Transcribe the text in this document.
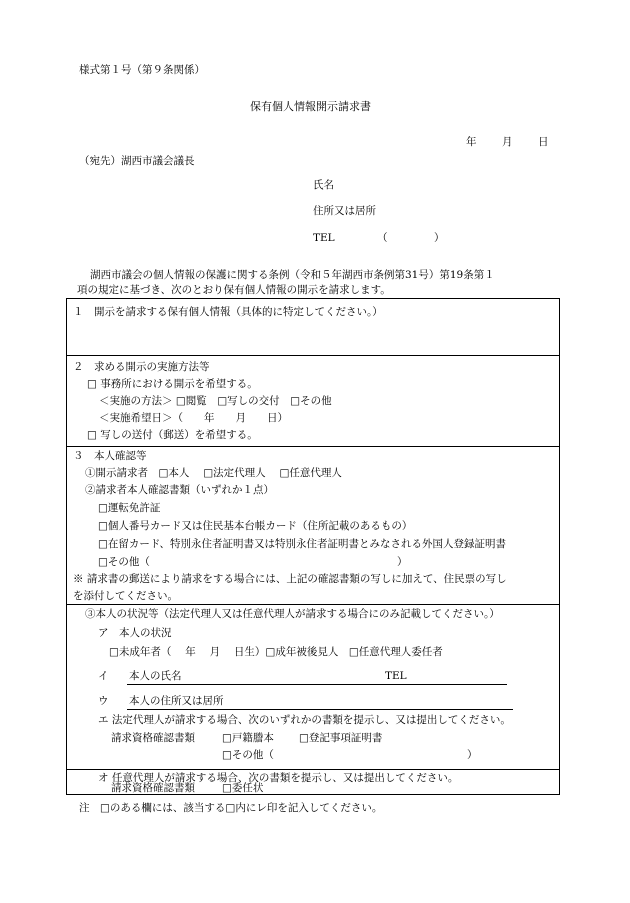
様式第１号（第９条関係）
保有個人情報開示請求書
年 月 日
（宛先）湖西市議会議長
氏名
住所又は居所
TEL	（	）
湖西市議会の個人情報の保護に関する条例（令和５年湖西市条例第31号）第19条第１
項の規定に基づき、次のとおり保有個人情報の開示を請求します。
１　開示を請求する保有個人情報（具体的に特定してください。）
２　求める開示の実施方法等
□ 事務所における開示を希望する。
＜実施の方法＞ □閲覧　□写しの交付　□その他
＜実施希望日＞（　　年　　月　　日）
□ 写しの送付（郵送）を希望する。
３　本人確認等
①開示請求者　□本人　 □法定代理人　 □任意代理人
②請求者本人確認書類（いずれか１点）
□運転免許証
□個人番号カード又は住民基本台帳カード（住所記載のあるもの）
□在留カード、特別永住者証明書又は特別永住者証明書とみなされる外国人登録証明書
□その他（	）
※ 請求書の郵送により請求をする場合には、上記の確認書類の写しに加えて、住民票の写し
を添付してください。
③本人の状況等（法定代理人又は任意代理人が請求する場合にのみ記載してください。）
ア　本人の状況
□未成年者（　 年　 月　 日生）□成年被後見人　□任意代理人委任者
イ 本人の氏名	TEL
ウ 本人の住所又は居所
エ 法定代理人が請求する場合、次のいずれかの書類を提示し、又は提出してください。
請求資格確認書類	□戸籍謄本 □登記事項証明書
□その他（	）
オ 任意代理人が請求する場合、次の書類を提示し、又は提出してください。
請求資格確認書類	□委任状
注　□のある欄には、該当する□内にレ印を記入してください。
